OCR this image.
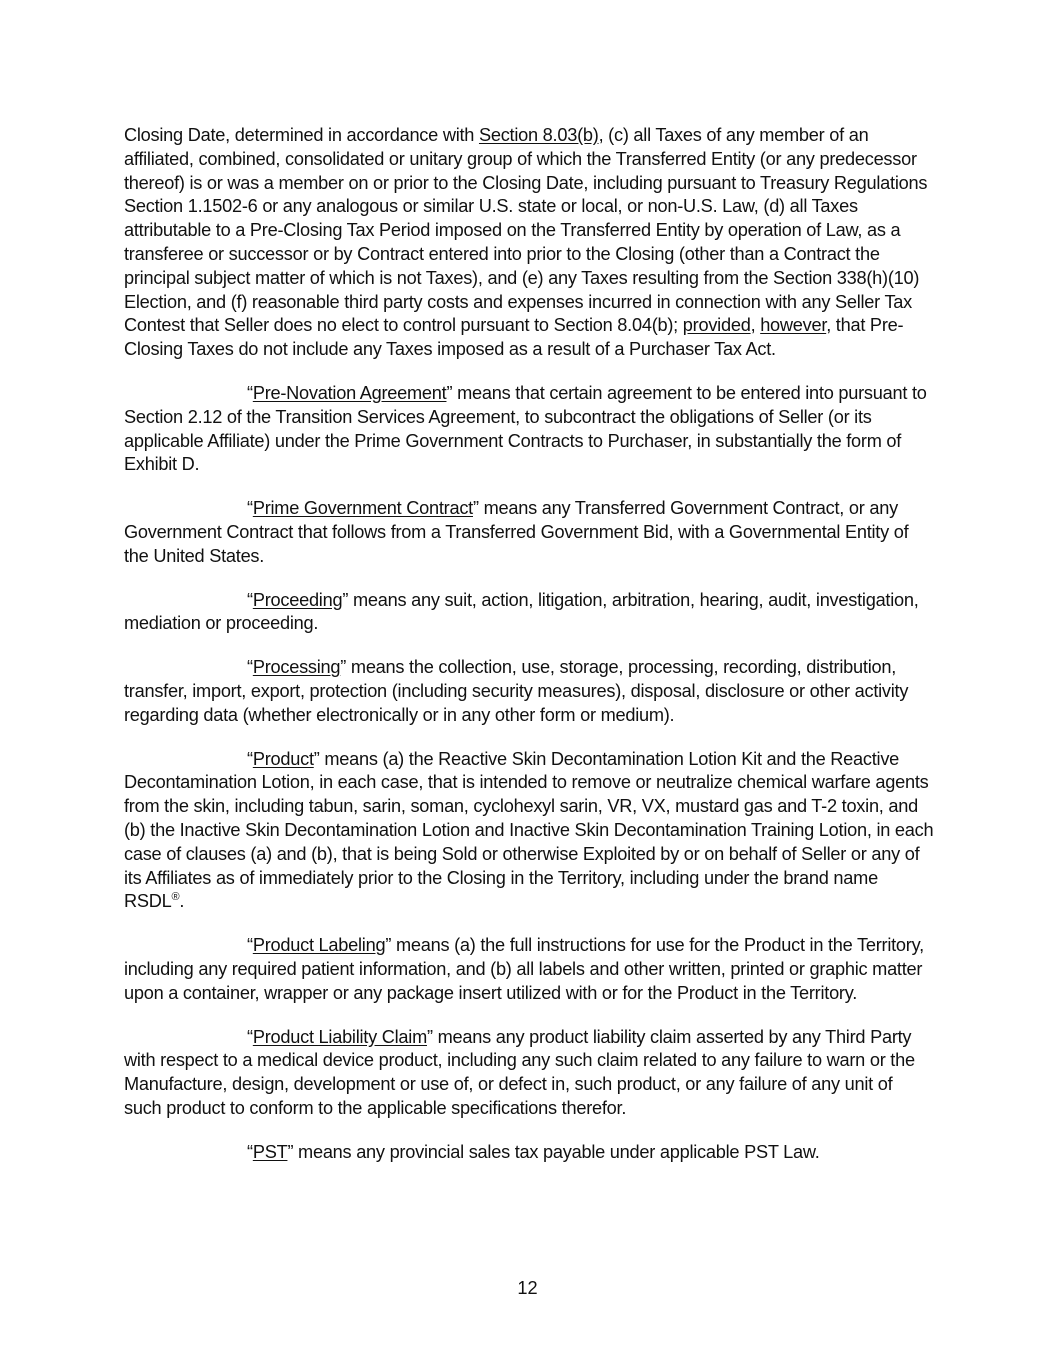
Closing Date, determined in accordance with Section 8.03(b), (c) all Taxes of any member of an affiliated, combined, consolidated or unitary group of which the Transferred Entity (or any predecessor thereof) is or was a member on or prior to the Closing Date, including pursuant to Treasury Regulations Section 1.1502-6 or any analogous or similar U.S. state or local, or non-U.S. Law, (d) all Taxes attributable to a Pre-Closing Tax Period imposed on the Transferred Entity by operation of Law, as a transferee or successor or by Contract entered into prior to the Closing (other than a Contract the principal subject matter of which is not Taxes), and (e) any Taxes resulting from the Section 338(h)(10) Election, and (f) reasonable third party costs and expenses incurred in connection with any Seller Tax Contest that Seller does no elect to control pursuant to Section 8.04(b); provided, however, that Pre-Closing Taxes do not include any Taxes imposed as a result of a Purchaser Tax Act.

“Pre-Novation Agreement” means that certain agreement to be entered into pursuant to Section 2.12 of the Transition Services Agreement, to subcontract the obligations of Seller (or its applicable Affiliate) under the Prime Government Contracts to Purchaser, in substantially the form of Exhibit D.

“Prime Government Contract” means any Transferred Government Contract, or any Government Contract that follows from a Transferred Government Bid, with a Governmental Entity of the United States.

“Proceeding” means any suit, action, litigation, arbitration, hearing, audit, investigation, mediation or proceeding.

“Processing” means the collection, use, storage, processing, recording, distribution, transfer, import, export, protection (including security measures), disposal, disclosure or other activity regarding data (whether electronically or in any other form or medium).

“Product” means (a) the Reactive Skin Decontamination Lotion Kit and the Reactive Decontamination Lotion, in each case, that is intended to remove or neutralize chemical warfare agents from the skin, including tabun, sarin, soman, cyclohexyl sarin, VR, VX, mustard gas and T-2 toxin, and (b) the Inactive Skin Decontamination Lotion and Inactive Skin Decontamination Training Lotion, in each case of clauses (a) and (b), that is being Sold or otherwise Exploited by or on behalf of Seller or any of its Affiliates as of immediately prior to the Closing in the Territory, including under the brand name RSDL®.

“Product Labeling” means (a) the full instructions for use for the Product in the Territory, including any required patient information, and (b) all labels and other written, printed or graphic matter upon a container, wrapper or any package insert utilized with or for the Product in the Territory.

“Product Liability Claim” means any product liability claim asserted by any Third Party with respect to a medical device product, including any such claim related to any failure to warn or the Manufacture, design, development or use of, or defect in, such product, or any failure of any unit of such product to conform to the applicable specifications therefor.

“PST” means any provincial sales tax payable under applicable PST Law.

12
